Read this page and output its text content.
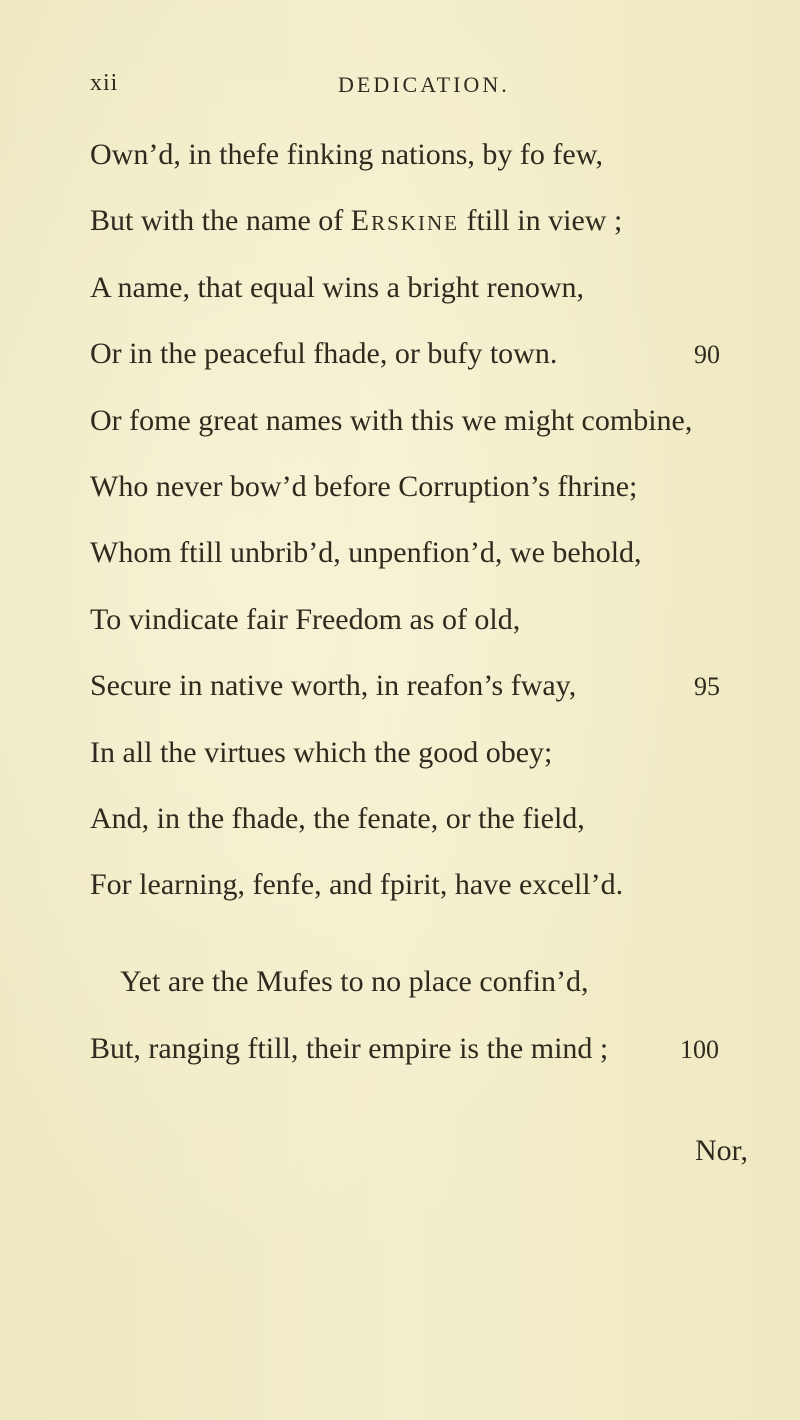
xii	DEDICATION.
Own’d, in thefe finking nations, by fo few,
But with the name of Erskine ftill in view ;
A name, that equal wins a bright renown,
Or in the peaceful fhade, or bufy town.
Or fome great names with this we might combine,
Who never bow’d before Corruption’s fhrine;
Whom ftill unbrib’d, unpenfion’d, we behold,
To vindicate fair Freedom as of old,
Secure in native worth, in reafon’s fway,
In all the virtues which the good obey;
And, in the fhade, the fenate, or the field,
For learning, fenfe, and fpirit, have excell’d.
Yet are the Mufes to no place confin’d,
But, ranging ftill, their empire is the mind ;
90
95
100
Nor,
